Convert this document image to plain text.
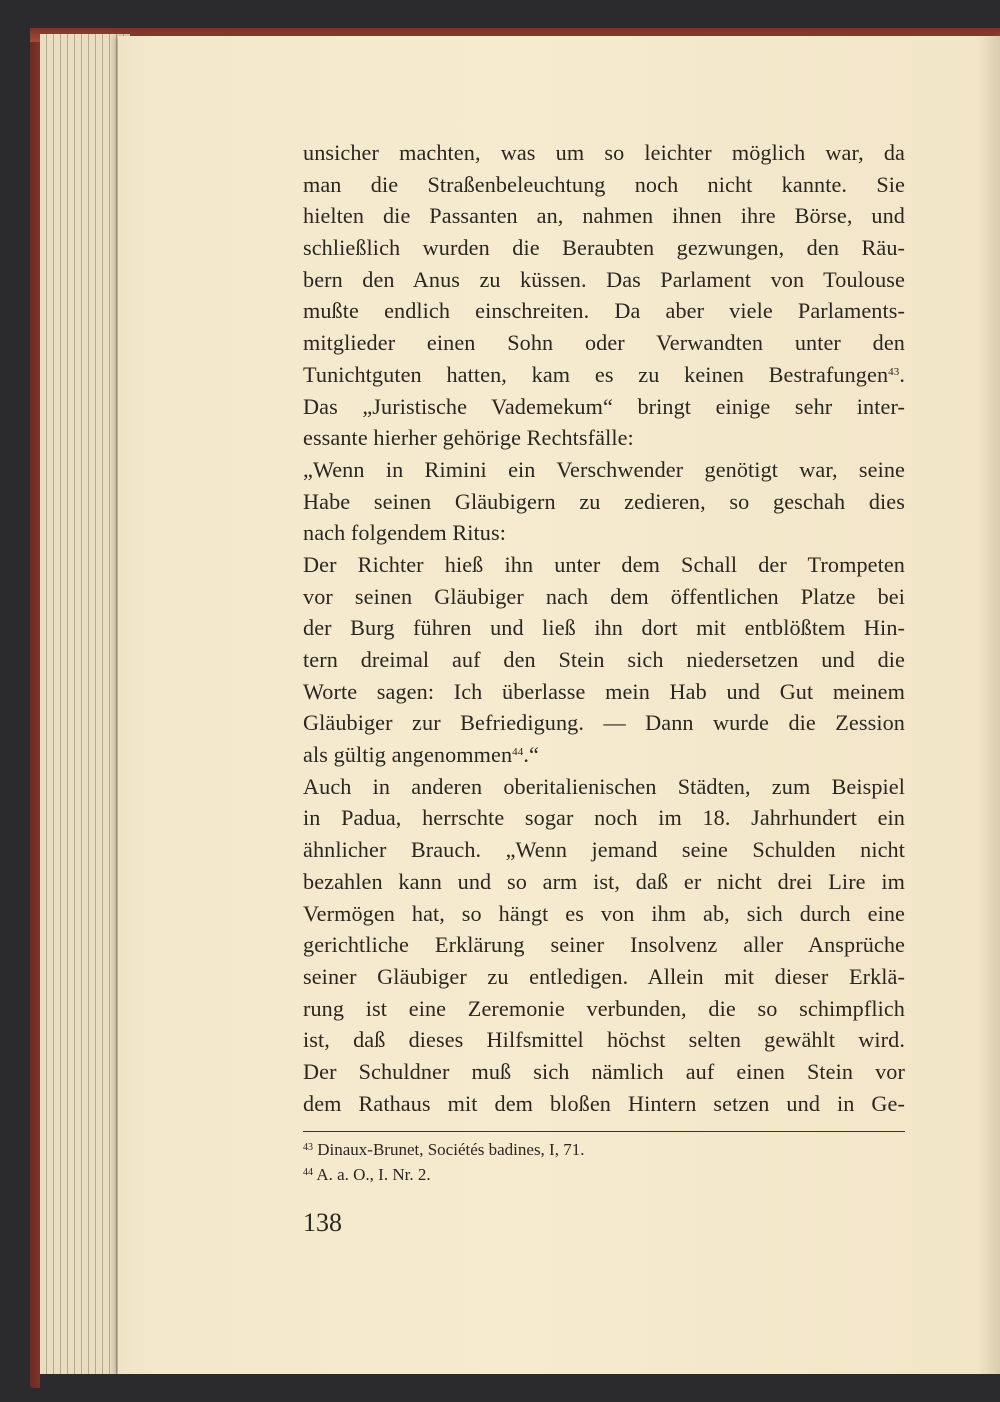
unsicher machten, was um so leichter möglich war, da
man die Straßenbeleuchtung noch nicht kannte. Sie
hielten die Passanten an, nahmen ihnen ihre Börse, und
schließlich wurden die Beraubten gezwungen, den Räu-
bern den Anus zu küssen. Das Parlament von Toulouse
mußte endlich einschreiten. Da aber viele Parlaments-
mitglieder einen Sohn oder Verwandten unter den
Tunichtguten hatten, kam es zu keinen Bestrafungen$^{43}$.
Das „Juristische Vademekum“ bringt einige sehr inter-
essante hierher gehörige Rechtsfälle:
„Wenn in Rimini ein Verschwender genötigt war, seine
Habe seinen Gläubigern zu zedieren, so geschah dies
nach folgendem Ritus:
Der Richter hieß ihn unter dem Schall der Trompeten
vor seinen Gläubiger nach dem öffentlichen Platze bei
der Burg führen und ließ ihn dort mit entblößtem Hin-
tern dreimal auf den Stein sich niedersetzen und die
Worte sagen: Ich überlasse mein Hab und Gut meinem
Gläubiger zur Befriedigung. — Dann wurde die Zession
als gültig angenommen$^{44}$.“
Auch in anderen oberitalienischen Städten, zum Beispiel
in Padua, herrschte sogar noch im 18. Jahrhundert ein
ähnlicher Brauch. „Wenn jemand seine Schulden nicht
bezahlen kann und so arm ist, daß er nicht drei Lire im
Vermögen hat, so hängt es von ihm ab, sich durch eine
gerichtliche Erklärung seiner Insolvenz aller Ansprüche
seiner Gläubiger zu entledigen. Allein mit dieser Erklä-
rung ist eine Zeremonie verbunden, die so schimpflich
ist, daß dieses Hilfsmittel höchst selten gewählt wird.
Der Schuldner muß sich nämlich auf einen Stein vor
dem Rathaus mit dem bloßen Hintern setzen und in Ge-
$^{43}$ Dinaux-Brunet, Sociétés badines, I, 71.
$^{44}$ A. a. O., I. Nr. 2.
138
